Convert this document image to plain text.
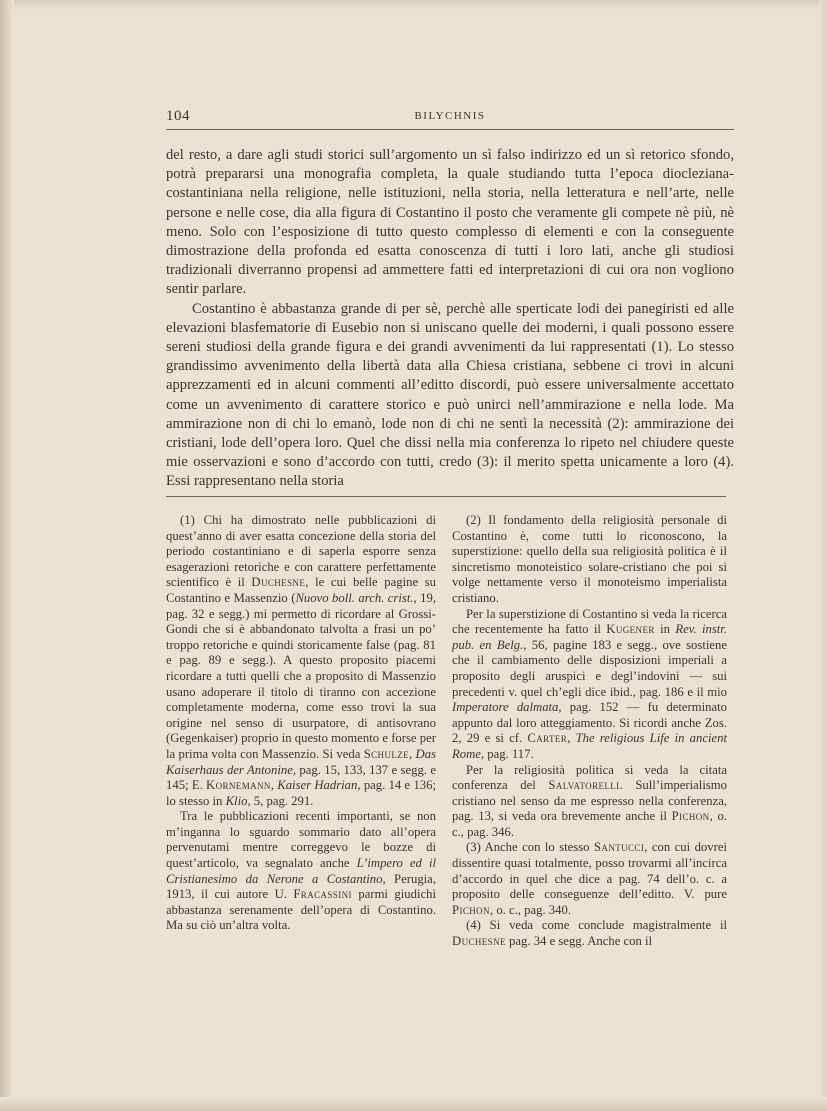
104	BILYCHNIS

del resto, a dare agli studi storici sull’argomento un sì falso indirizzo ed un sì retorico sfondo, potrà prepararsi una monografia completa, la quale studiando tutta l’epoca diocleziana-costantiniana nella religione, nelle istituzioni, nella storia, nella letteratura e nell’arte, nelle persone e nelle cose, dia alla figura di Costantino il posto che veramente gli compete nè più, nè meno. Solo con l’esposizione di tutto questo complesso di elementi e con la conseguente dimostrazione della profonda ed esatta conoscenza di tutti i loro lati, anche gli studiosi tradizionali diverranno propensi ad ammettere fatti ed interpretazioni di cui ora non vogliono sentir parlare.

Costantino è abbastanza grande di per sè, perchè alle sperticate lodi dei panegiristi ed alle elevazioni blasfematorie di Eusebio non si uniscano quelle dei moderni, i quali possono essere sereni studiosi della grande figura e dei grandi avvenimenti da lui rappresentati (1). Lo stesso grandissimo avvenimento della libertà data alla Chiesa cristiana, sebbene ci trovi in alcuni apprezzamenti ed in alcuni commenti all’editto discordi, può essere universalmente accettato come un avvenimento di carattere storico e può unirci nell’ammirazione e nella lode. Ma ammirazione non di chi lo emanò, lode non di chi ne sentì la necessità (2): ammirazione dei cristiani, lode dell’opera loro. Quel che dissi nella mia conferenza lo ripeto nel chiudere queste mie osservazioni e sono d’accordo con tutti, credo (3): il merito spetta unicamente a loro (4). Essi rappresentano nella storia

(1) Chi ha dimostrato nelle pubblicazioni di quest’anno di aver esatta concezione della storia del periodo costantiniano e di saperla esporre senza esagerazioni retoriche e con carattere perfettamente scientifico è il Duchesne, le cui belle pagine su Costantino e Massenzio (Nuovo boll. arch. crist., 19, pag. 32 e segg.) mi permetto di ricordare al Grossi-Gondi che si è abbandonato talvolta a frasi un po’ troppo retoriche e quindi storicamente false (pag. 81 e pag. 89 e segg.). A questo proposito piacemi ricordare a tutti quelli che a proposito di Massenzio usano adoperare il titolo di tiranno con accezione completamente moderna, come esso trovi la sua origine nel senso di usurpatore, di antisovrano (Gegenkaiser) proprio in questo momento e forse per la prima volta con Massenzio. Si veda Schulze, Das Kaiserhaus der Antonine, pag. 15, 133, 137 e segg. e 145; E. Kornemann, Kaiser Hadrian, pag. 14 e 136; lo stesso in Klio, 5, pag. 291.

Tra le pubblicazioni recenti importanti, se non m’inganna lo sguardo sommario dato all’opera pervenutami mentre correggevo le bozze di quest’articolo, va segnalato anche L’impero ed il Cristianesimo da Nerone a Costantino, Perugia, 1913, il cui autore U. Fracassini parmi giudichi abbastanza serenamente dell’opera di Costantino. Ma su ciò un’altra volta.

(2) Il fondamento della religiosità personale di Costantino è, come tutti lo riconoscono, la superstizione: quello della sua religiosità politica è il sincretismo monoteistico solare-cristiano che poi si volge nettamente verso il monoteismo imperialista cristiano.

Per la superstizione di Costantino si veda la ricerca che recentemente ha fatto il Kugener in Rev. instr. pub. en Belg., 56, pagine 183 e segg., ove sostiene che il cambiamento delle disposizioni imperiali a proposito degli aruspici e degl’indovini — sui precedenti v. quel ch’egli dice ibid., pag. 186 e il mio Imperatore dalmata, pag. 152 — fu determinato appunto dal loro atteggiamento. Si ricordi anche Zos. 2, 29 e si cf. Carter, The religious Life in ancient Rome, pag. 117.

Per la religiosità politica si veda la citata conferenza del Salvatorelli. Sull’imperialismo cristiano nel senso da me espresso nella conferenza, pag. 13, si veda ora brevemente anche il Pichon, o. c., pag. 346.

(3) Anche con lo stesso Santucci, con cui dovrei dissentire quasi totalmente, posso trovarmi all’incirca d’accordo in quel che dice a pag. 74 dell’o. c. a proposito delle conseguenze dell’editto. V. pure Pichon, o. c., pag. 340.

(4) Si veda come conclude magistralmente il Duchesne pag. 34 e segg. Anche con il
